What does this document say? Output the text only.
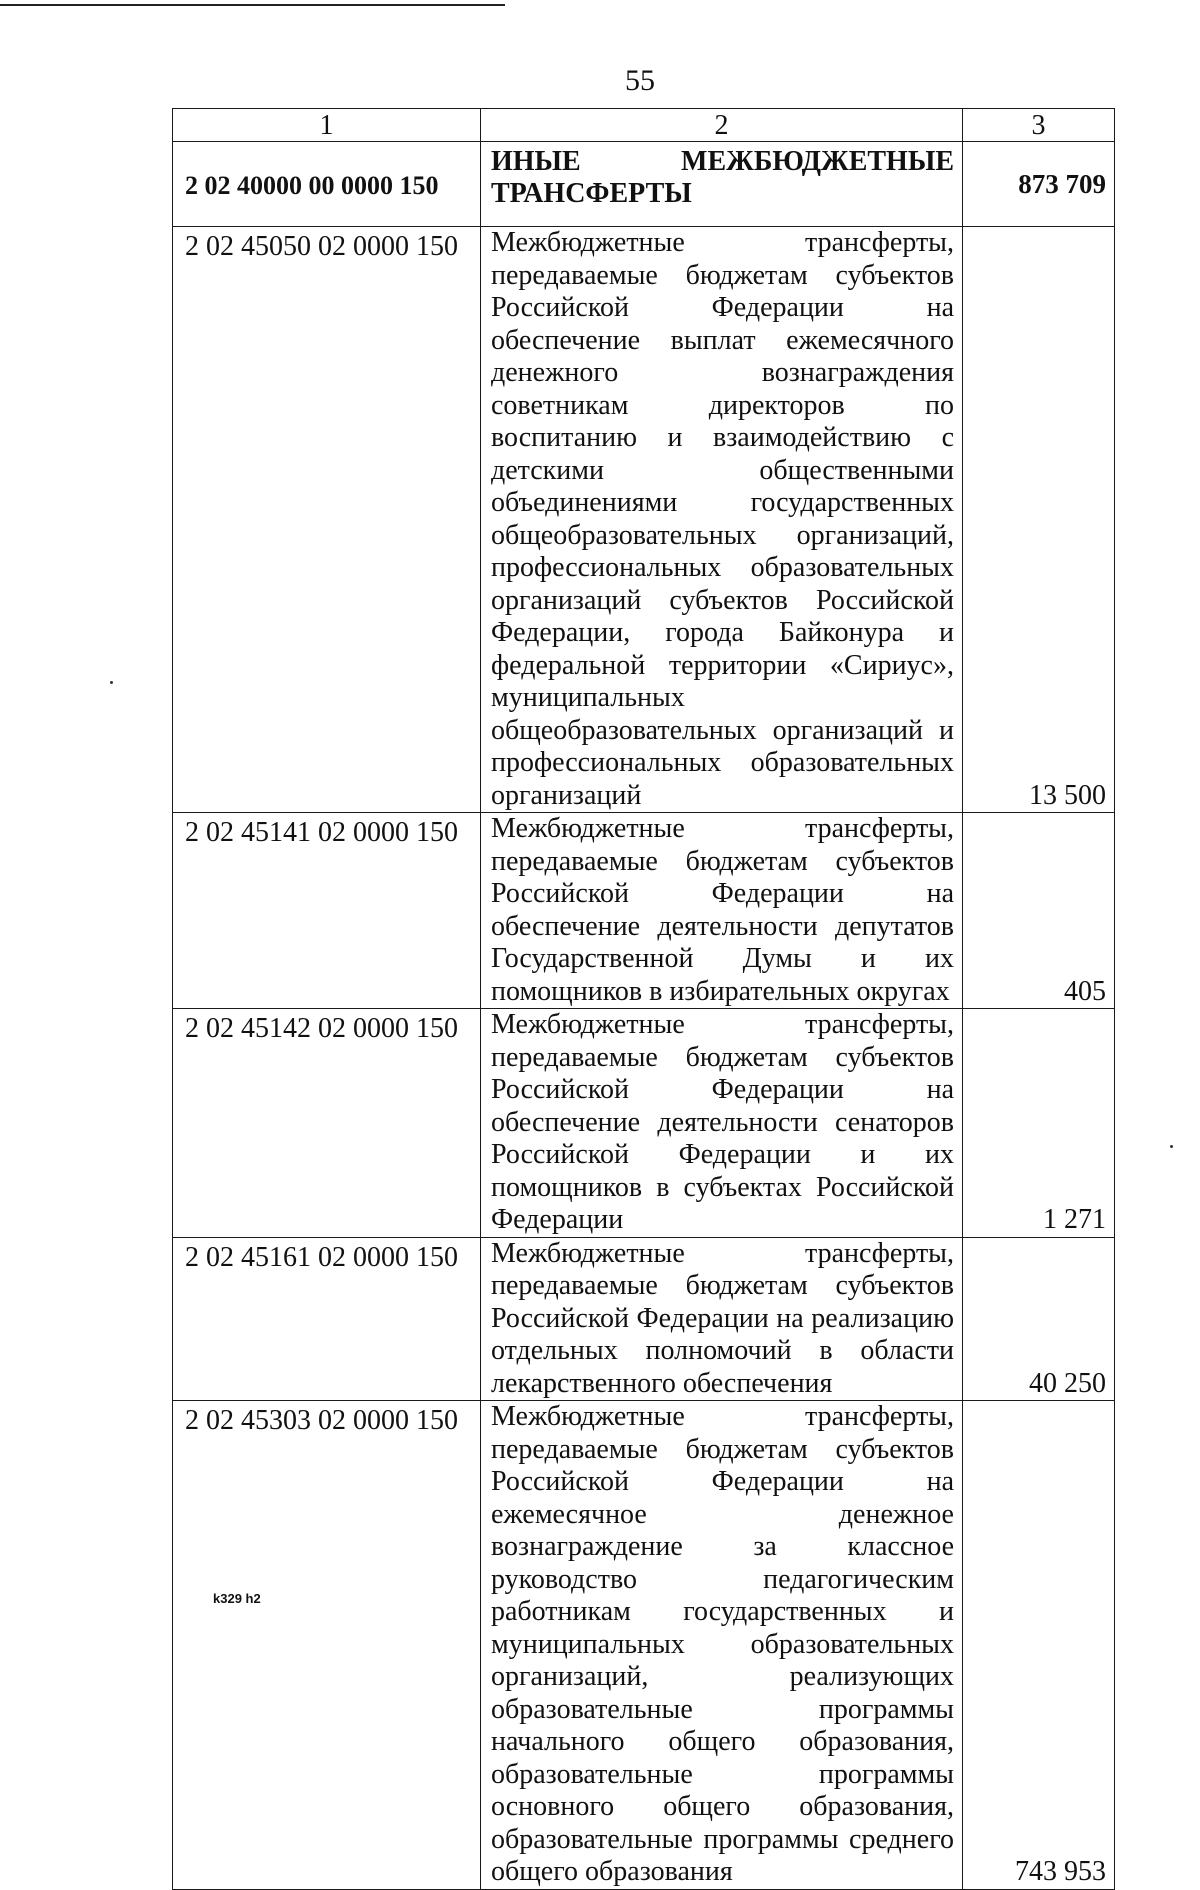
55
1	2	3
2 02 40000 00 0000 150	ИНЫЕ МЕЖБЮДЖЕТНЫЕ ТРАНСФЕРТЫ	873 709
2 02 45050 02 0000 150	Межбюджетные трансферты, передаваемые бюджетам субъектов Российской Федерации на обеспечение выплат ежемесячного денежного вознаграждения советникам директоров по воспитанию и взаимодействию с детскими общественными объединениями государственных общеобразовательных организаций, профессиональных образовательных организаций субъектов Российской Федерации, города Байконура и федеральной территории «Сириус», муниципальных общеобразовательных организаций и профессиональных образовательных организаций	13 500
2 02 45141 02 0000 150	Межбюджетные трансферты, передаваемые бюджетам субъектов Российской Федерации на обеспечение деятельности депутатов Государственной Думы и их помощников в избирательных округах	405
2 02 45142 02 0000 150	Межбюджетные трансферты, передаваемые бюджетам субъектов Российской Федерации на обеспечение деятельности сенаторов Российской Федерации и их помощников в субъектах Российской Федерации	1 271
2 02 45161 02 0000 150	Межбюджетные трансферты, передаваемые бюджетам субъектов Российской Федерации на реализацию отдельных полномочий в области лекарственного обеспечения	40 250
2 02 45303 02 0000 150	Межбюджетные трансферты, передаваемые бюджетам субъектов Российской Федерации на ежемесячное денежное вознаграждение за классное руководство педагогическим работникам государственных и муниципальных образовательных организаций, реализующих образовательные программы начального общего образования, образовательные программы основного общего образования, образовательные программы среднего общего образования	743 953
k329 h2
